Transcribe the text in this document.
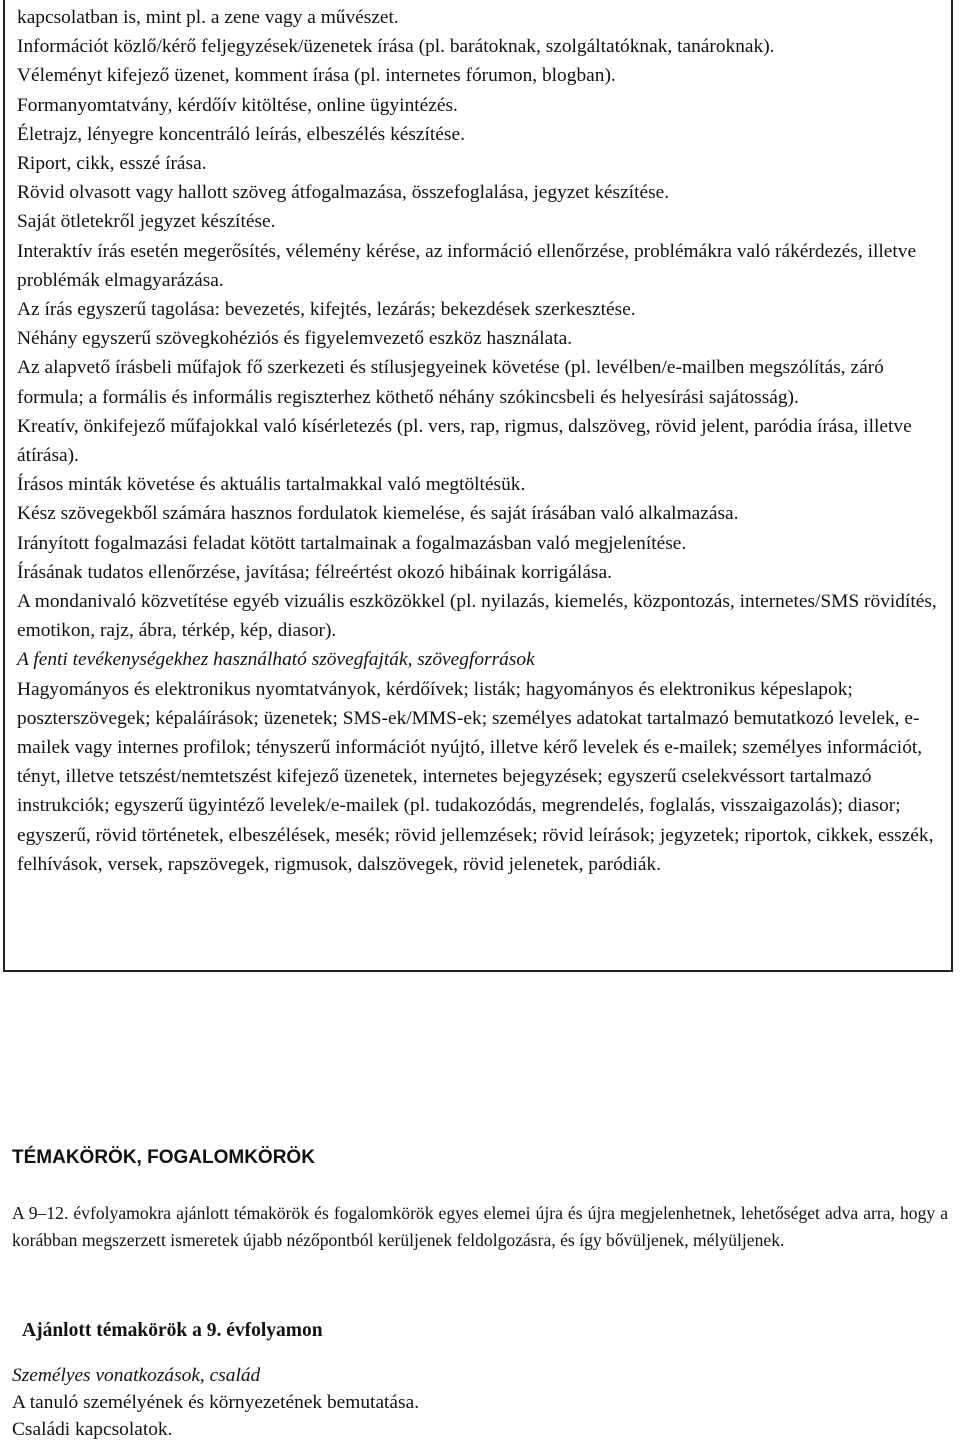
kapcsolatban is, mint pl. a zene vagy a művészet.

Információt közlő/kérő feljegyzések/üzenetek írása (pl. barátoknak, szolgáltatóknak, tanároknak).

Véleményt kifejező üzenet, komment írása (pl. internetes fórumon, blogban).

Formanyomtatvány, kérdőív kitöltése, online ügyintézés.

Életrajz, lényegre koncentráló leírás, elbeszélés készítése.

Riport, cikk, esszé írása.

Rövid olvasott vagy hallott szöveg átfogalmazása, összefoglalása, jegyzet készítése.

Saját ötletekről jegyzet készítése.

Interaktív írás esetén megerősítés, vélemény kérése, az információ ellenőrzése, problémákra való rákérdezés, illetve problémák elmagyarázása.

Az írás egyszerű tagolása: bevezetés, kifejtés, lezárás; bekezdések szerkesztése.

Néhány egyszerű szövegkohéziós és figyelemvezető eszköz használata.

Az alapvető írásbeli műfajok fő szerkezeti és stílusjegyeinek követése (pl. levélben/e-mailben megszólítás, záró formula; a formális és informális regiszterhez köthető néhány szókincsbeli és helyesírási sajátosság).

Kreatív, önkifejező műfajokkal való kísérletezés (pl. vers, rap, rigmus, dalszöveg, rövid jelent, paródia írása, illetve átírása).

Írásos minták követése és aktuális tartalmakkal való megtöltésük.

Kész szövegekből számára hasznos fordulatok kiemelése, és saját írásában való alkalmazása.

Irányított fogalmazási feladat kötött tartalmainak a fogalmazásban való megjelenítése.

Írásának tudatos ellenőrzése, javítása; félreértést okozó hibáinak korrigálása.

A mondanivaló közvetítése egyéb vizuális eszközökkel (pl. nyilazás, kiemelés, központozás, internetes/SMS rövidítés, emotikon, rajz, ábra, térkép, kép, diasor).

A fenti tevékenységekhez használható szövegfajták, szövegforrások

Hagyományos és elektronikus nyomtatványok, kérdőívek; listák; hagyományos és elektronikus képeslapok; poszterszövegek; képaláírások; üzenetek; SMS-ek/MMS-ek; személyes adatokat tartalmazó bemutatkozó levelek, e-mailek vagy internes profilok; tényszerű információt nyújtó, illetve kérő levelek és e-mailek; személyes információt, tényt, illetve tetszést/nemtetszést kifejező üzenetek, internetes bejegyzések; egyszerű cselekvéssort tartalmazó instrukciók; egyszerű ügyintéző levelek/e-mailek (pl. tudakozódás, megrendelés, foglalás, visszaigazolás); diasor; egyszerű, rövid történetek, elbeszélések, mesék; rövid jellemzések; rövid leírások; jegyzetek; riportok, cikkek, esszék, felhívások, versek, rapszövegek, rigmusok, dalszövegek, rövid jelenetek, paródiák.

TÉMAKÖRÖK, FOGALOMKÖRÖK

A 9–12. évfolyamokra ajánlott témakörök és fogalomkörök egyes elemei újra és újra megjelenhetnek, lehetőséget adva arra, hogy a korábban megszerzett ismeretek újabb nézőpontból kerüljenek feldolgozásra, és így bővüljenek, mélyüljenek.

Ajánlott témakörök a 9. évfolyamon

Személyes vonatkozások, család

A tanuló személyének és környezetének bemutatása.

Családi kapcsolatok.
